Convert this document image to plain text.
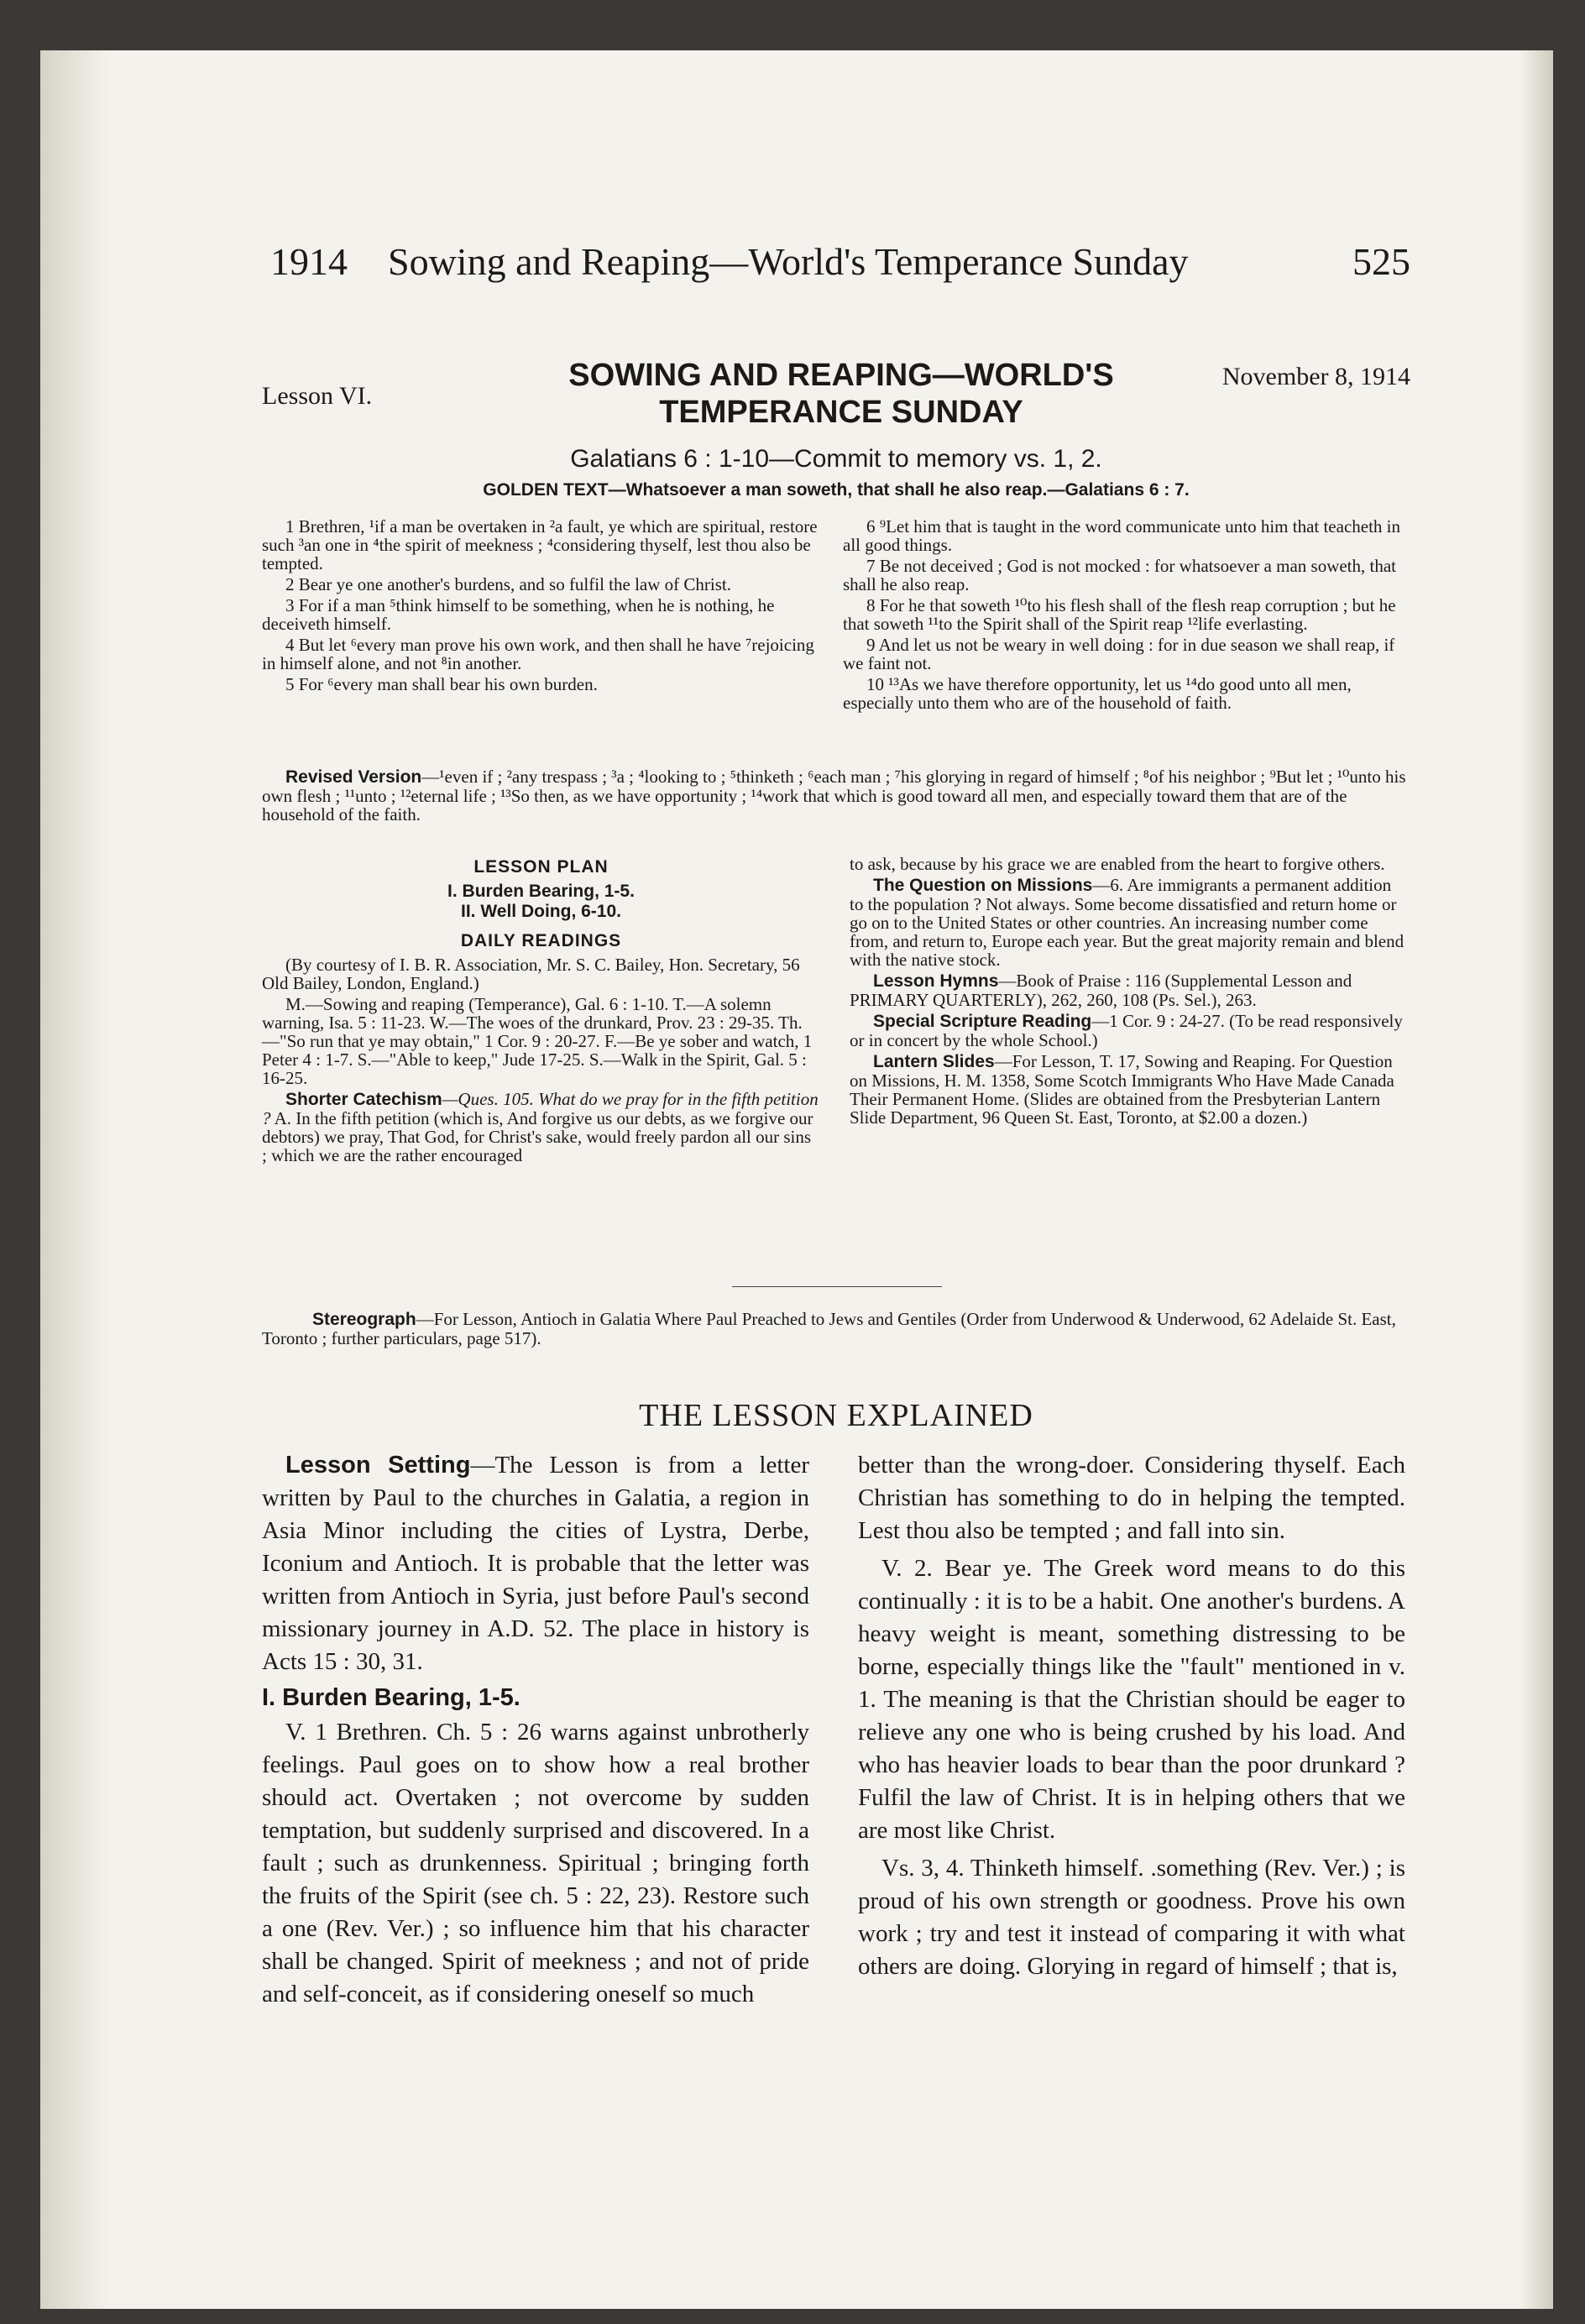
1914 Sowing and Reaping—World's Temperance Sunday	525
Lesson VI.
SOWING AND REAPING—WORLD'S TEMPERANCE SUNDAY
November 8, 1914
Galatians 6 : 1-10—Commit to memory vs. 1, 2.
GOLDEN TEXT—Whatsoever a man soweth, that shall he also reap.—Galatians 6 : 7.

1 Brethren, ¹if a man be overtaken in ²a fault, ye which are spiritual, restore such ³an one in ⁴the spirit of meekness ; ⁴considering thyself, lest thou also be tempted.

2 Bear ye one another's burdens, and so fulfil the law of Christ.

3 For if a man ⁵think himself to be something, when he is nothing, he deceiveth himself.

4 But let ⁶every man prove his own work, and then shall he have ⁷rejoicing in himself alone, and not ⁸in another.

5 For ⁶every man shall bear his own burden.

6 ⁹Let him that is taught in the word communicate unto him that teacheth in all good things.

7 Be not deceived ; God is not mocked : for whatsoever a man soweth, that shall he also reap.

8 For he that soweth ¹⁰to his flesh shall of the flesh reap corruption ; but he that soweth ¹¹to the Spirit shall of the Spirit reap ¹²life everlasting.

9 And let us not be weary in well doing : for in due season we shall reap, if we faint not.

10 ¹³As we have therefore opportunity, let us ¹⁴do good unto all men, especially unto them who are of the household of faith.

Revised Version—¹even if ; ²any trespass ; ³a ; ⁴looking to ; ⁵thinketh ; ⁶each man ; ⁷his glorying in regard of himself ; ⁸of his neighbor ; ⁹But let ; ¹⁰unto his own flesh ; ¹¹unto ; ¹²eternal life ; ¹³So then, as we have opportunity ; ¹⁴work that which is good toward all men, and especially toward them that are of the household of the faith.
LESSON PLAN
I. Burden Bearing, 1-5.
II. Well Doing, 6-10.
DAILY READINGS

(By courtesy of I. B. R. Association, Mr. S. C. Bailey, Hon. Secretary, 56 Old Bailey, London, England.)

M.—Sowing and reaping (Temperance), Gal. 6 : 1-10. T.—A solemn warning, Isa. 5 : 11-23. W.—The woes of the drunkard, Prov. 23 : 29-35. Th.—"So run that ye may obtain," 1 Cor. 9 : 20-27. F.—Be ye sober and watch, 1 Peter 4 : 1-7. S.—"Able to keep," Jude 17-25. S.—Walk in the Spirit, Gal. 5 : 16-25.

Shorter Catechism—Ques. 105. What do we pray for in the fifth petition ? A. In the fifth petition (which is, And forgive us our debts, as we forgive our debtors) we pray, That God, for Christ's sake, would freely pardon all our sins ; which we are the rather encouraged

to ask, because by his grace we are enabled from the heart to forgive others.

The Question on Missions—6. Are immigrants a permanent addition to the population ? Not always. Some become dissatisfied and return home or go on to the United States or other countries. An increasing number come from, and return to, Europe each year. But the great majority remain and blend with the native stock.

Lesson Hymns—Book of Praise : 116 (Supplemental Lesson and PRIMARY QUARTERLY), 262, 260, 108 (Ps. Sel.), 263.

Special Scripture Reading—1 Cor. 9 : 24-27. (To be read responsively or in concert by the whole School.)

Lantern Slides—For Lesson, T. 17, Sowing and Reaping. For Question on Missions, H. M. 1358, Some Scotch Immigrants Who Have Made Canada Their Permanent Home. (Slides are obtained from the Presbyterian Lantern Slide Department, 96 Queen St. East, Toronto, at $2.00 a dozen.)

Stereograph—For Lesson, Antioch in Galatia Where Paul Preached to Jews and Gentiles (Order from Underwood & Underwood, 62 Adelaide St. East, Toronto ; further particulars, page 517).
THE LESSON EXPLAINED

Lesson Setting—The Lesson is from a letter written by Paul to the churches in Galatia, a region in Asia Minor including the cities of Lystra, Derbe, Iconium and Antioch. It is probable that the letter was written from Antioch in Syria, just before Paul's second missionary journey in A.D. 52. The place in history is Acts 15 : 30, 31.

I. Burden Bearing, 1-5.

V. 1 Brethren. Ch. 5 : 26 warns against unbrotherly feelings. Paul goes on to show how a real brother should act. Overtaken ; not overcome by sudden temptation, but suddenly surprised and discovered. In a fault ; such as drunkenness. Spiritual ; bringing forth the fruits of the Spirit (see ch. 5 : 22, 23). Restore such a one (Rev. Ver.) ; so influence him that his character shall be changed. Spirit of meekness ; and not of pride and self-conceit, as if considering oneself so much

better than the wrong-doer. Considering thyself. Each Christian has something to do in helping the tempted. Lest thou also be tempted ; and fall into sin.

V. 2. Bear ye. The Greek word means to do this continually : it is to be a habit. One another's burdens. A heavy weight is meant, something distressing to be borne, especially things like the "fault" mentioned in v. 1. The meaning is that the Christian should be eager to relieve any one who is being crushed by his load. And who has heavier loads to bear than the poor drunkard ? Fulfil the law of Christ. It is in helping others that we are most like Christ.

Vs. 3, 4. Thinketh himself. .something (Rev. Ver.) ; is proud of his own strength or goodness. Prove his own work ; try and test it instead of comparing it with what others are doing. Glorying in regard of himself ; that is,
